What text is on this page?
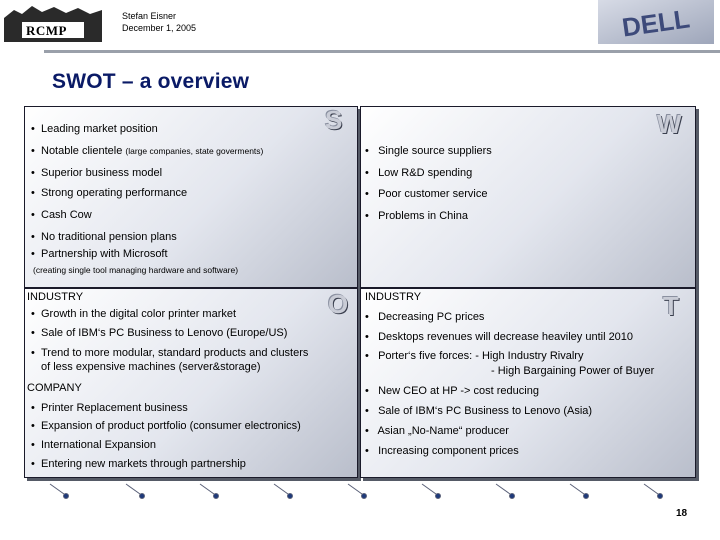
RCMP
Stefan Eisner
December 1, 2005	DELL
SWOT – a overview
S
• Leading market position
• Notable clientele (large companies, state goverments)
• Superior business model
• Strong operating performance
• Cash Cow
• No traditional pension plans
• Partnership with Microsoft
(creating single tool managing hardware and software)
W
• Single source suppliers
• Low R&D spending
• Poor customer service
• Problems in China
O
INDUSTRY
• Growth in the digital color printer market
• Sale of IBM‘s PC Business to Lenovo (Europe/US)
• Trend to more modular, standard products and clusters
of less expensive machines (server&storage)
COMPANY
• Printer Replacement business
• Expansion of product portfolio (consumer electronics)
• International Expansion
• Entering new markets through partnership
T
INDUSTRY
• Decreasing PC prices
• Desktops revenues will decrease heaviley until 2010
• Porter‘s five forces: - High Industry Rivalry
- High Bargaining Power of Buyer
• New CEO at HP -> cost reducing
• Sale of IBM‘s PC Business to Lenovo (Asia)
• Asian „No-Name“ producer
• Increasing component prices
18
